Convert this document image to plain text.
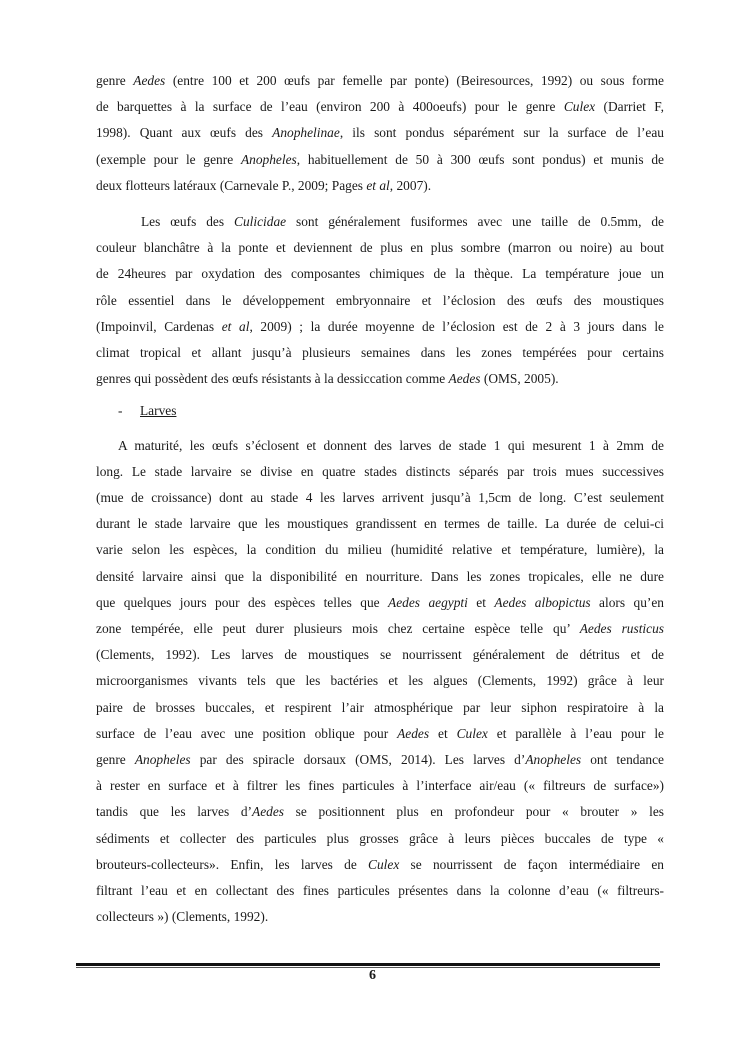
genre Aedes (entre 100 et 200 œufs par femelle par ponte) (Beiresources, 1992) ou sous forme
de barquettes à la surface de l’eau (environ 200 à 400oeufs) pour le genre Culex (Darriet F,
1998). Quant aux œufs des Anophelinae, ils sont pondus séparément sur la surface de l’eau
(exemple pour le genre Anopheles, habituellement de 50 à 300 œufs sont pondus) et munis de
deux flotteurs latéraux (Carnevale P., 2009; Pages et al, 2007).
Les œufs des Culicidae sont généralement fusiformes avec une taille de 0.5mm, de
couleur blanchâtre à la ponte et deviennent de plus en plus sombre (marron ou noire) au bout
de 24heures par oxydation des composantes chimiques de la thèque. La température joue un
rôle essentiel dans le développement embryonnaire et l’éclosion des œufs des moustiques
(Impoinvil, Cardenas et al, 2009) ; la durée moyenne de l’éclosion est de 2 à 3 jours dans le
climat tropical et allant jusqu’à plusieurs semaines dans les zones tempérées pour certains
genres qui possèdent des œufs résistants à la dessiccation comme Aedes (OMS, 2005).

- Larves

A maturité, les œufs s’éclosent et donnent des larves de stade 1 qui mesurent 1 à 2mm de
long. Le stade larvaire se divise en quatre stades distincts séparés par trois mues successives
(mue de croissance) dont au stade 4 les larves arrivent jusqu’à 1,5cm de long. C’est seulement
durant le stade larvaire que les moustiques grandissent en termes de taille. La durée de celui-ci
varie selon les espèces, la condition du milieu (humidité relative et température, lumière), la
densité larvaire ainsi que la disponibilité en nourriture. Dans les zones tropicales, elle ne dure
que quelques jours pour des espèces telles que Aedes aegypti et Aedes albopictus alors qu’en
zone tempérée, elle peut durer plusieurs mois chez certaine espèce telle qu’ Aedes rusticus
(Clements, 1992). Les larves de moustiques se nourrissent généralement de détritus et de
microorganismes vivants tels que les bactéries et les algues (Clements, 1992) grâce à leur
paire de brosses buccales, et respirent l’air atmosphérique par leur siphon respiratoire à la
surface de l’eau avec une position oblique pour Aedes et Culex et parallèle à l’eau pour le
genre Anopheles par des spiracle dorsaux (OMS, 2014). Les larves d’Anopheles ont tendance
à rester en surface et à filtrer les fines particules à l’interface air/eau (« filtreurs de surface»)
tandis que les larves d’Aedes se positionnent plus en profondeur pour « brouter » les
sédiments et collecter des particules plus grosses grâce à leurs pièces buccales de type «
brouteurs-collecteurs». Enfin, les larves de Culex se nourrissent de façon intermédiaire en
filtrant l’eau et en collectant des fines particules présentes dans la colonne d’eau (« filtreurs-
collecteurs ») (Clements, 1992).
6
